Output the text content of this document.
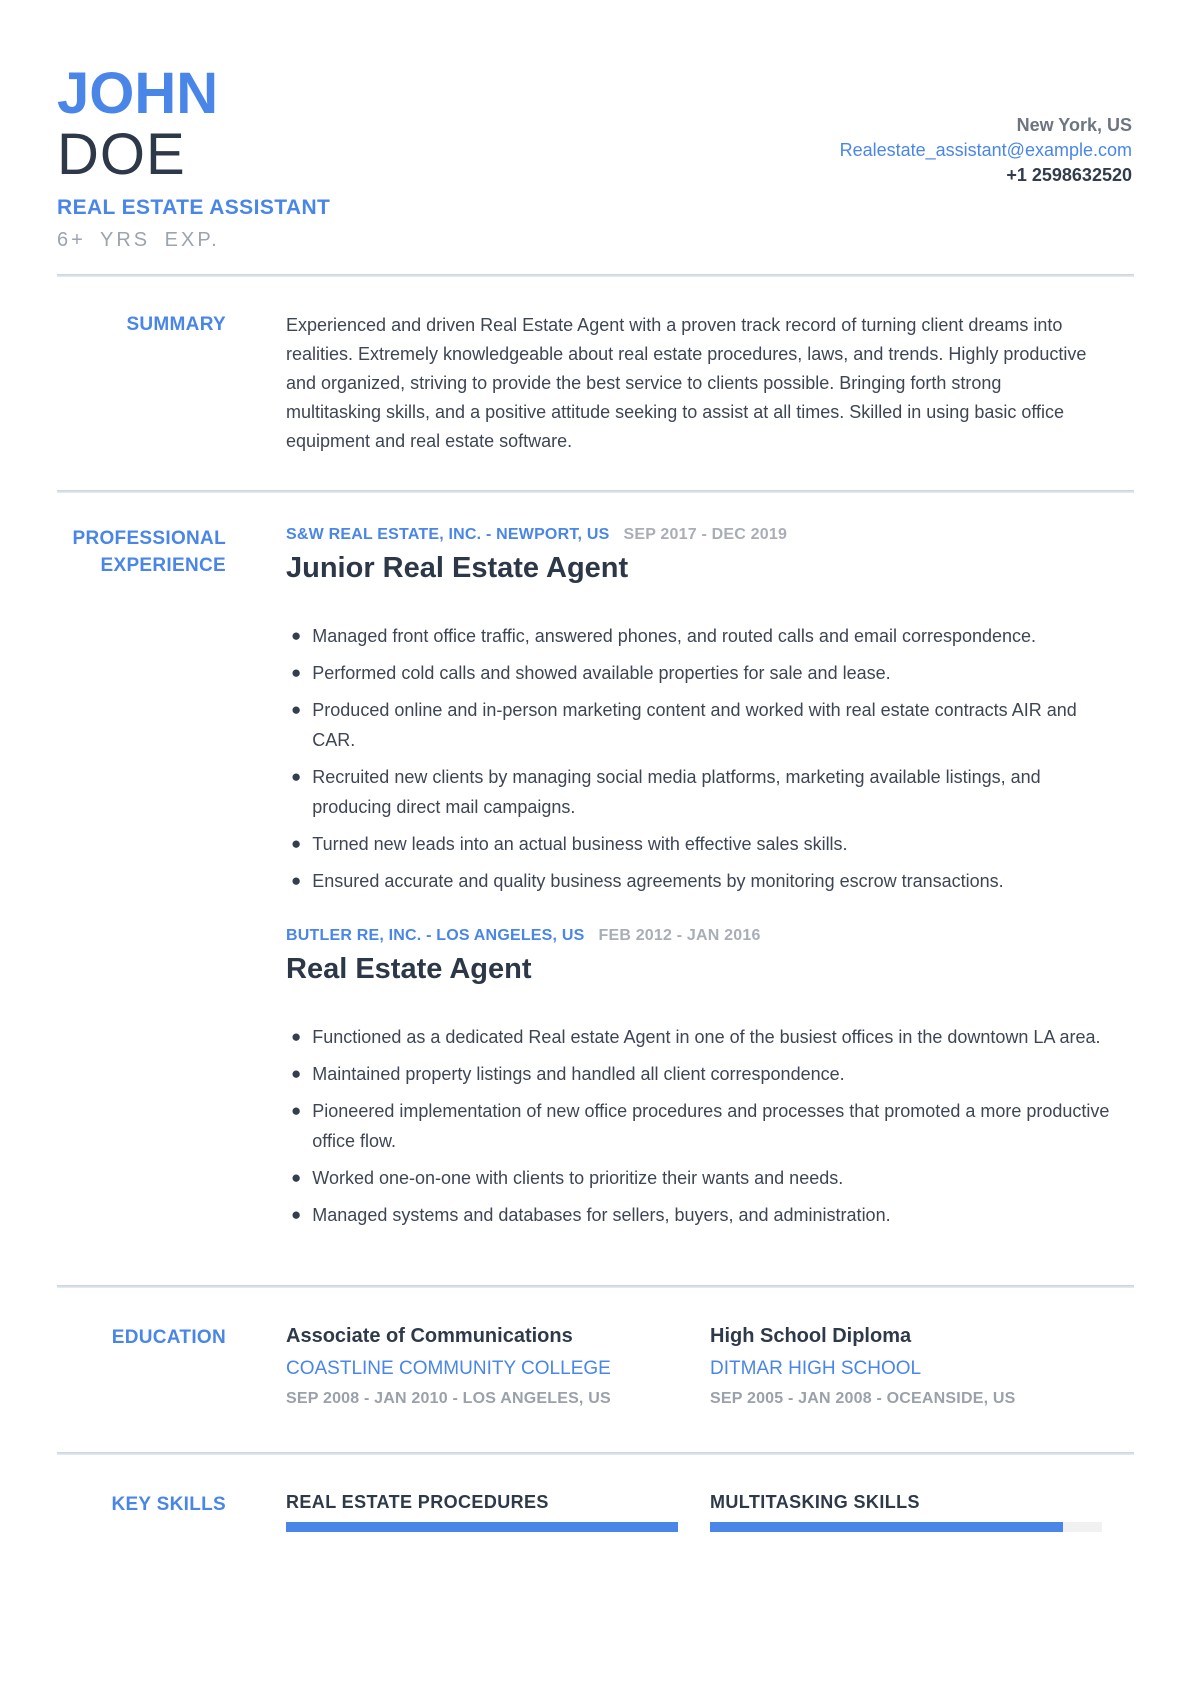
JOHN
DOE
REAL ESTATE ASSISTANT
6+ YRS EXP.
New York, US
Realestate_assistant@example.com
+1 2598632520
SUMMARY	Experienced and driven Real Estate Agent with a proven track record of turning client dreams into realities. Extremely knowledgeable about real estate procedures, laws, and trends. Highly productive and organized, striving to provide the best service to clients possible. Bringing forth strong multitasking skills, and a positive attitude seeking to assist at all times. Skilled in using basic office equipment and real estate software.
PROFESSIONAL EXPERIENCE
S&W REAL ESTATE, INC. - NEWPORT, US SEP 2017 - DEC 2019
Junior Real Estate Agent
● Managed front office traffic, answered phones, and routed calls and email correspondence.
● Performed cold calls and showed available properties for sale and lease.
● Produced online and in-person marketing content and worked with real estate contracts AIR and CAR.
● Recruited new clients by managing social media platforms, marketing available listings, and producing direct mail campaigns.
● Turned new leads into an actual business with effective sales skills.
● Ensured accurate and quality business agreements by monitoring escrow transactions.
BUTLER RE, INC. - LOS ANGELES, US FEB 2012 - JAN 2016
Real Estate Agent
● Functioned as a dedicated Real estate Agent in one of the busiest offices in the downtown LA area.
● Maintained property listings and handled all client correspondence.
● Pioneered implementation of new office procedures and processes that promoted a more productive office flow.
● Worked one-on-one with clients to prioritize their wants and needs.
● Managed systems and databases for sellers, buyers, and administration.
EDUCATION	Associate of Communications
COASTLINE COMMUNITY COLLEGE
SEP 2008 - JAN 2010 - LOS ANGELES, US
High School Diploma
DITMAR HIGH SCHOOL
SEP 2005 - JAN 2008 - OCEANSIDE, US
KEY SKILLS	REAL ESTATE PROCEDURES	MULTITASKING SKILLS
